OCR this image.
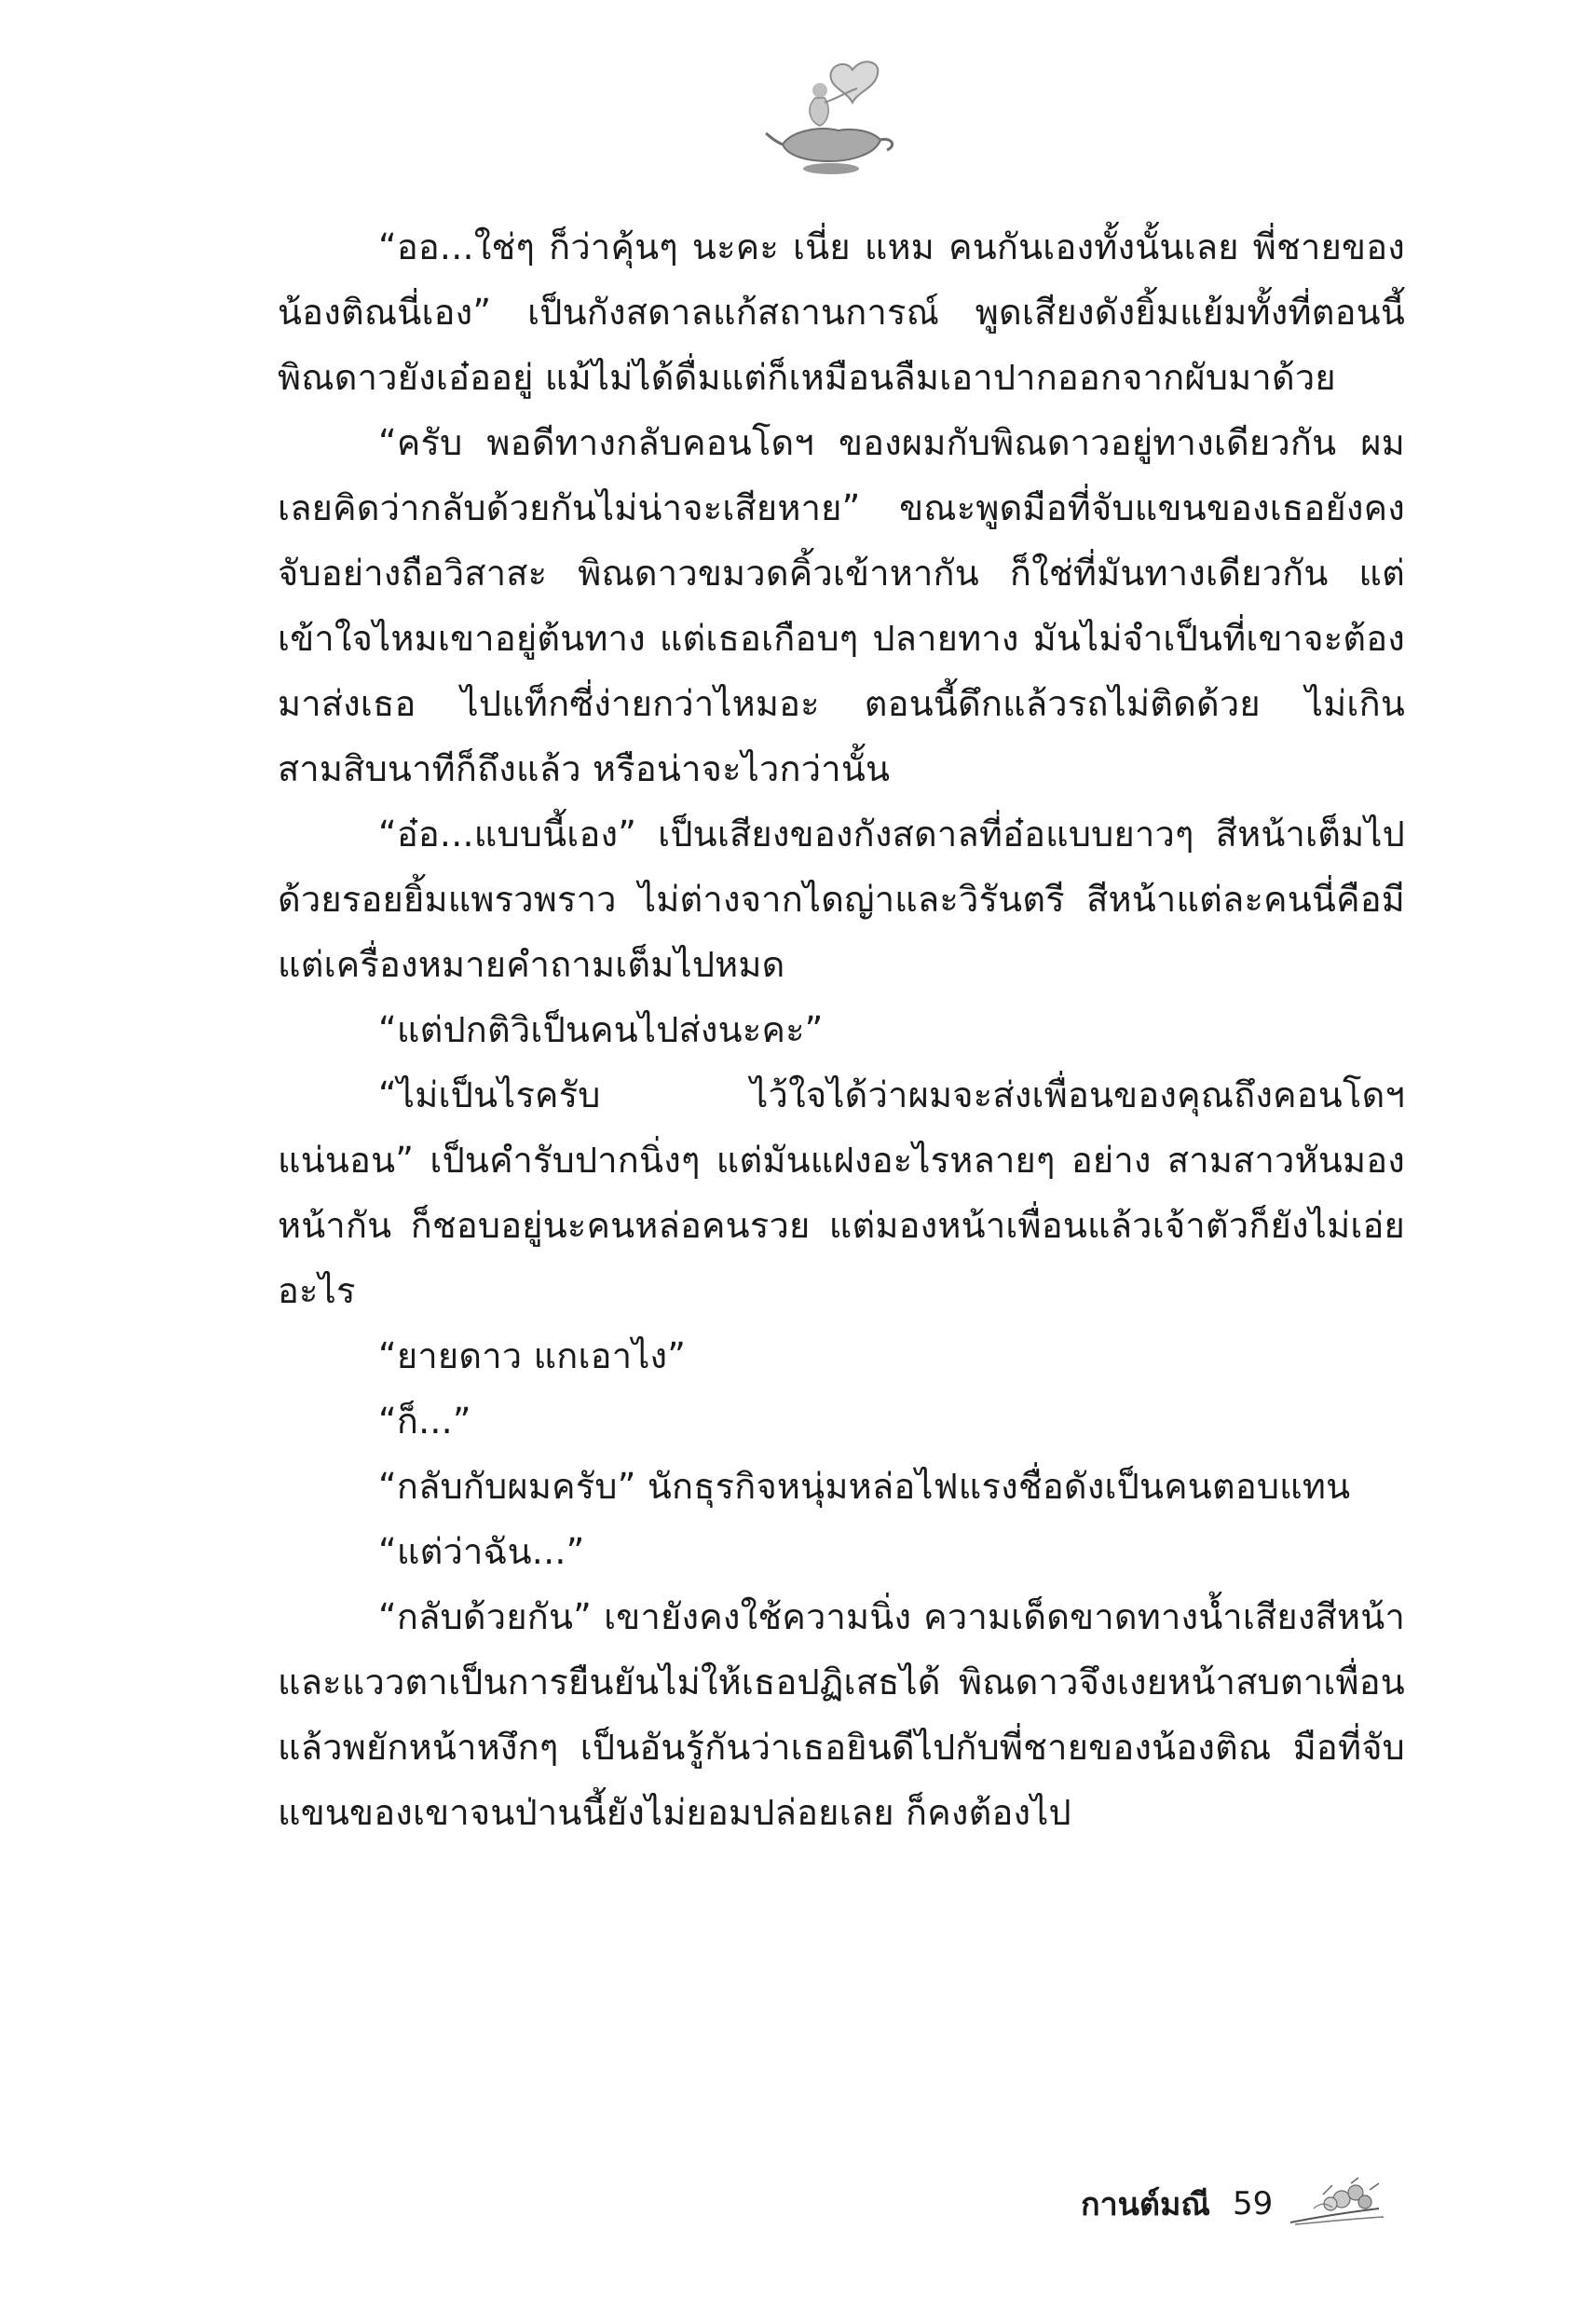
“ออ...ใช่ๆ ก็ว่าคุ้นๆ นะคะ เนี่ย แหม คนกันเองทั้งนั้นเลย พี่ชายของน้องติณนี่เอง” เป็นกังสดาลแก้สถานการณ์ พูดเสียงดังยิ้มแย้มทั้งที่ตอนนี้พิณดาวยังเอ๋ออยู่ แม้ไม่ได้ดื่มแต่ก็เหมือนลืมเอาปากออกจากผับมาด้วย

“ครับ พอดีทางกลับคอนโดฯ ของผมกับพิณดาวอยู่ทางเดียวกัน ผมเลยคิดว่ากลับด้วยกันไม่น่าจะเสียหาย” ขณะพูดมือที่จับแขนของเธอยังคงจับอย่างถือวิสาสะ พิณดาวขมวดคิ้วเข้าหากัน ก็ใช่ที่มันทางเดียวกัน แต่เข้าใจไหมเขาอยู่ต้นทาง แต่เธอเกือบๆ ปลายทาง มันไม่จำเป็นที่เขาจะต้องมาส่งเธอ ไปแท็กซี่ง่ายกว่าไหมอะ ตอนนี้ดึกแล้วรถไม่ติดด้วย ไม่เกินสามสิบนาทีก็ถึงแล้ว หรือน่าจะไวกว่านั้น

“อ๋อ...แบบนี้เอง” เป็นเสียงของกังสดาลที่อ๋อแบบยาวๆ สีหน้าเต็มไปด้วยรอยยิ้มแพรวพราว ไม่ต่างจากไดญ่าและวิรันตรี สีหน้าแต่ละคนนี่คือมีแต่เครื่องหมายคำถามเต็มไปหมด

“แต่ปกติวิเป็นคนไปส่งนะคะ”

“ไม่เป็นไรครับ ไว้ใจได้ว่าผมจะส่งเพื่อนของคุณถึงคอนโดฯ แน่นอน” เป็นคำรับปากนิ่งๆ แต่มันแฝงอะไรหลายๆ อย่าง สามสาวหันมองหน้ากัน ก็ชอบอยู่นะคนหล่อคนรวย แต่มองหน้าเพื่อนแล้วเจ้าตัวก็ยังไม่เอ่ยอะไร

“ยายดาว แกเอาไง”

“ก็...”

“กลับกับผมครับ” นักธุรกิจหนุ่มหล่อไฟแรงชื่อดังเป็นคนตอบแทน

“แต่ว่าฉัน...”

“กลับด้วยกัน” เขายังคงใช้ความนิ่ง ความเด็ดขาดทางน้ำเสียงสีหน้าและแววตาเป็นการยืนยันไม่ให้เธอปฏิเสธได้ พิณดาวจึงเงยหน้าสบตาเพื่อนแล้วพยักหน้าหงึกๆ เป็นอันรู้กันว่าเธอยินดีไปกับพี่ชายของน้องติณ มือที่จับแขนของเขาจนป่านนี้ยังไม่ยอมปล่อยเลย ก็คงต้องไป

กานต์มณี 59
